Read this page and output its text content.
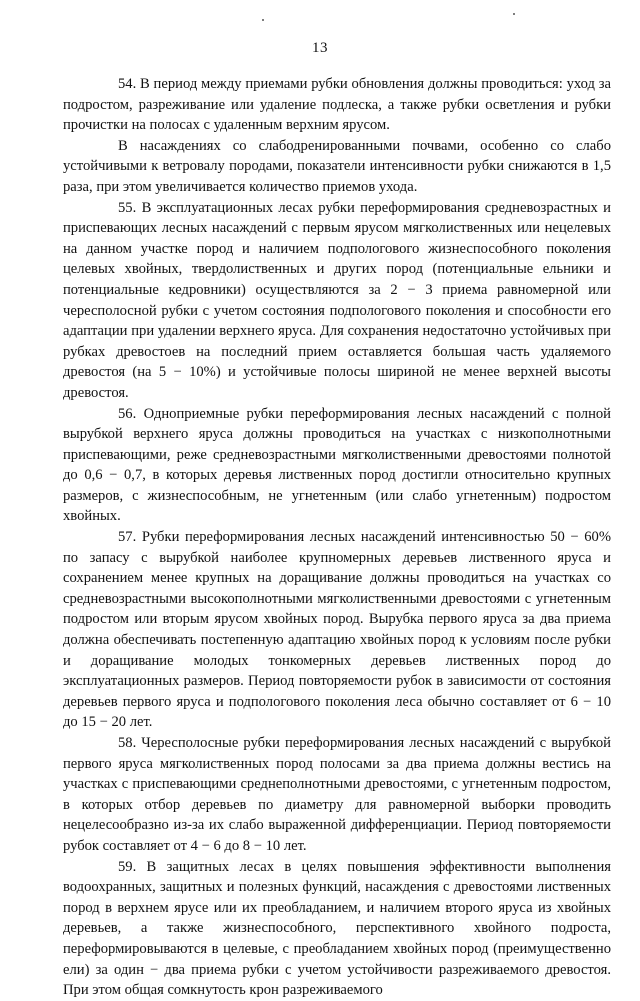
13

54. В период между приемами рубки обновления должны проводиться: уход за подростом, разреживание или удаление подлеска, а также рубки осветления и рубки прочистки на полосах с удаленным верхним ярусом.

В насаждениях со слабодренированными почвами, особенно со слабо устойчивыми к ветровалу породами, показатели интенсивности рубки снижаются в 1,5 раза, при этом увеличивается количество приемов ухода.

55. В эксплуатационных лесах рубки переформирования средневозрастных и приспевающих лесных насаждений с первым ярусом мягколиственных или нецелевых на данном участке пород и наличием подпологового жизнеспособного поколения целевых хвойных, твердолиственных и других пород (потенциальные ельники и потенциальные кедровники) осуществляются за 2 − 3 приема равномерной или чересполосной рубки с учетом состояния подпологового поколения и способности его адаптации при удалении верхнего яруса. Для сохранения недостаточно устойчивых при рубках древостоев на последний прием оставляется большая часть удаляемого древостоя (на 5 − 10%) и устойчивые полосы шириной не менее верхней высоты древостоя.

56. Одноприемные рубки переформирования лесных насаждений с полной вырубкой верхнего яруса должны проводиться на участках с низкополнотными приспевающими, реже средневозрастными мягколиственными древостоями полнотой до 0,6 − 0,7, в которых деревья лиственных пород достигли относительно крупных размеров, с жизнеспособным, не угнетенным (или слабо угнетенным) подростом хвойных.

57. Рубки переформирования лесных насаждений интенсивностью 50 − 60% по запасу с вырубкой наиболее крупномерных деревьев лиственного яруса и сохранением менее крупных на доращивание должны проводиться на участках со средневозрастными высокополнотными мягколиственными древостоями с угнетенным подростом или вторым ярусом хвойных пород. Вырубка первого яруса за два приема должна обеспечивать постепенную адаптацию хвойных пород к условиям после рубки и доращивание молодых тонкомерных деревьев лиственных пород до эксплуатационных размеров. Период повторяемости рубок в зависимости от состояния деревьев первого яруса и подпологового поколения леса обычно составляет от 6 − 10 до 15 − 20 лет.

58. Чересполосные рубки переформирования лесных насаждений с вырубкой первого яруса мягколиственных пород полосами за два приема должны вестись на участках с приспевающими среднеполнотными древостоями, с угнетенным подростом, в которых отбор деревьев по диаметру для равномерной выборки проводить нецелесообразно из-за их слабо выраженной дифференциации. Период повторяемости рубок составляет от 4 − 6 до 8 − 10 лет.

59. В защитных лесах в целях повышения эффективности выполнения водоохранных, защитных и полезных функций, насаждения с древостоями лиственных пород в верхнем ярусе или их преобладанием, и наличием второго яруса из хвойных деревьев, а также жизнеспособного, перспективного хвойного подроста, переформировываются в целевые, с преобладанием хвойных пород (преимущественно ели) за один − два приема рубки с учетом устойчивости разреживаемого древостоя. При этом общая сомкнутость крон разреживаемого
